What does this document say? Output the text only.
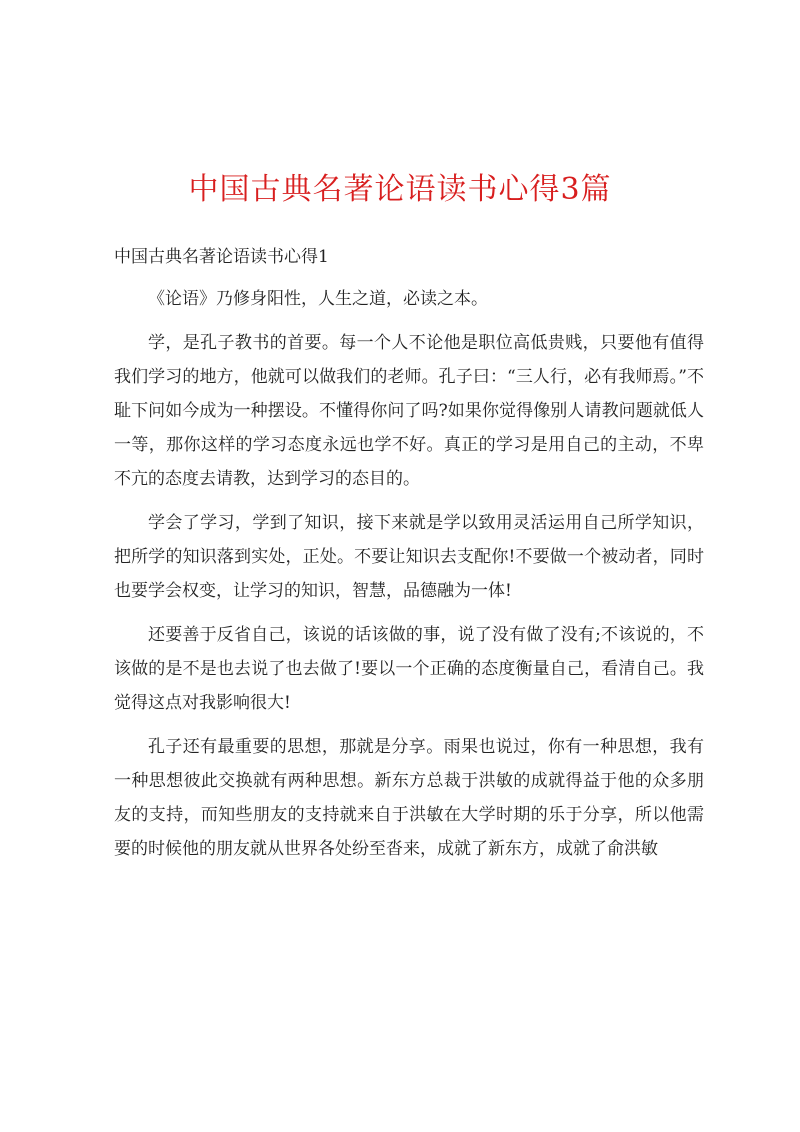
中国古典名著论语读书心得3篇
中国古典名著论语读书心得1

《论语》乃修身阳性，人生之道，必读之本。

学，是孔子教书的首要。每一个人不论他是职位高低贵贱，只要他有值得我们学习的地方，他就可以做我们的老师。孔子曰：“三人行，必有我师焉。”不耻下问如今成为一种摆设。不懂得你问了吗?如果你觉得像别人请教问题就低人一等，那你这样的学习态度永远也学不好。真正的学习是用自己的主动，不卑不亢的态度去请教，达到学习的态目的。

学会了学习，学到了知识，接下来就是学以致用灵活运用自己所学知识，把所学的知识落到实处，正处。不要让知识去支配你!不要做一个被动者，同时也要学会权变，让学习的知识，智慧，品德融为一体!

还要善于反省自己，该说的话该做的事，说了没有做了没有;不该说的，不该做的是不是也去说了也去做了!要以一个正确的态度衡量自己，看清自己。我觉得这点对我影响很大!

孔子还有最重要的思想，那就是分享。雨果也说过，你有一种思想，我有一种思想彼此交换就有两种思想。新东方总裁于洪敏的成就得益于他的众多朋友的支持，而知些朋友的支持就来自于洪敏在大学时期的乐于分享，所以他需要的时候他的朋友就从世界各处纷至沓来，成就了新东方，成就了俞洪敏
